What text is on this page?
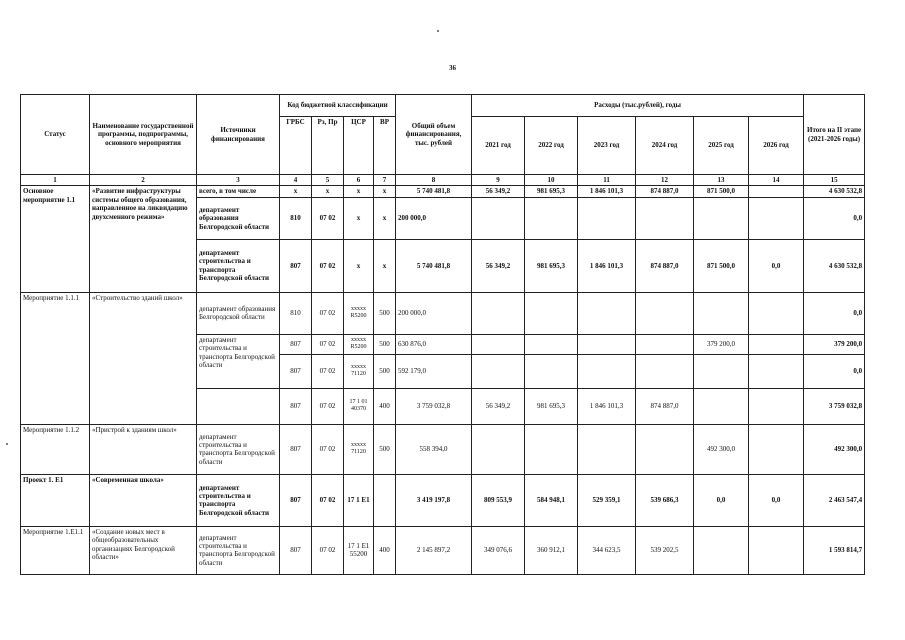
36
Статус	Наименование государственной программы, подпрограммы, основного мероприятия	Источники финансирования	Код бюджетной классификации				Общий объем финансирования, тыс. рублей	Расходы (тыс.рублей), годы						Итого на II этапе (2021-2026 годы)
			ГРБС	Рз, Пр	ЦСР	ВР		2021 год	2022 год	2023 год	2024 год	2025 год	2026 год	
1	2	3	4	5	6	7	8	9	10	11	12	13	14	15
Основное мероприятие 1.1	«Развитие инфраструктуры системы общего образования, направленное на ликвидацию двухсменного режима»	всего, в том числе	х	х	х	х	5 740 481,8	56 349,2	981 695,3	1 846 101,3	874 887,0	871 500,0		4 630 532,8
		департамент образования Белгородской области	810	07 02	х	х	200 000,0							0,0
		департамент строительства и транспорта Белгородской области	807	07 02	х	х	5 740 481,8	56 349,2	981 695,3	1 846 101,3	874 887,0	871 500,0	0,0	4 630 532,8
Мероприятие 1.1.1	«Строительство зданий школ»	департамент образования Белгородской области	810	07 02	ххххх R5200	500	200 000,0							0,0
		департамент строительства и транспорта Белгородской области	807	07 02	ххххх R5200	500	630 876,0					379 200,0		379 200,0
			807	07 02	ххххх 71120	500	592 179,0							0,0
			807	07 02	17 1 01 40370	400	3 759 032,8	56 349,2	981 695,3	1 846 101,3	874 887,0			3 759 032,8
Мероприятие 1.1.2	«Пристрой к зданиям школ»	департамент строительства и транспорта Белгородской области	807	07 02	ххххх 71120	500	558 394,0					492 300,0		492 300,0
Проект 1. Е1	«Современная школа»	департамент строительства и транспорта Белгородской области	807	07 02	17 1 Е1		3 419 197,8	809 553,9	584 948,1	529 359,1	539 686,3	0,0	0,0	2 463 547,4
Мероприятие 1.Е1.1	«Создание новых мест в общеобразовательных организациях Белгородской области»	департамент строительства и транспорта Белгородской области	807	07 02	17 1 Е1 55200	400	2 145 897,2	349 076,6	360 912,1	344 623,5	539 202,5			1 593 814,7
